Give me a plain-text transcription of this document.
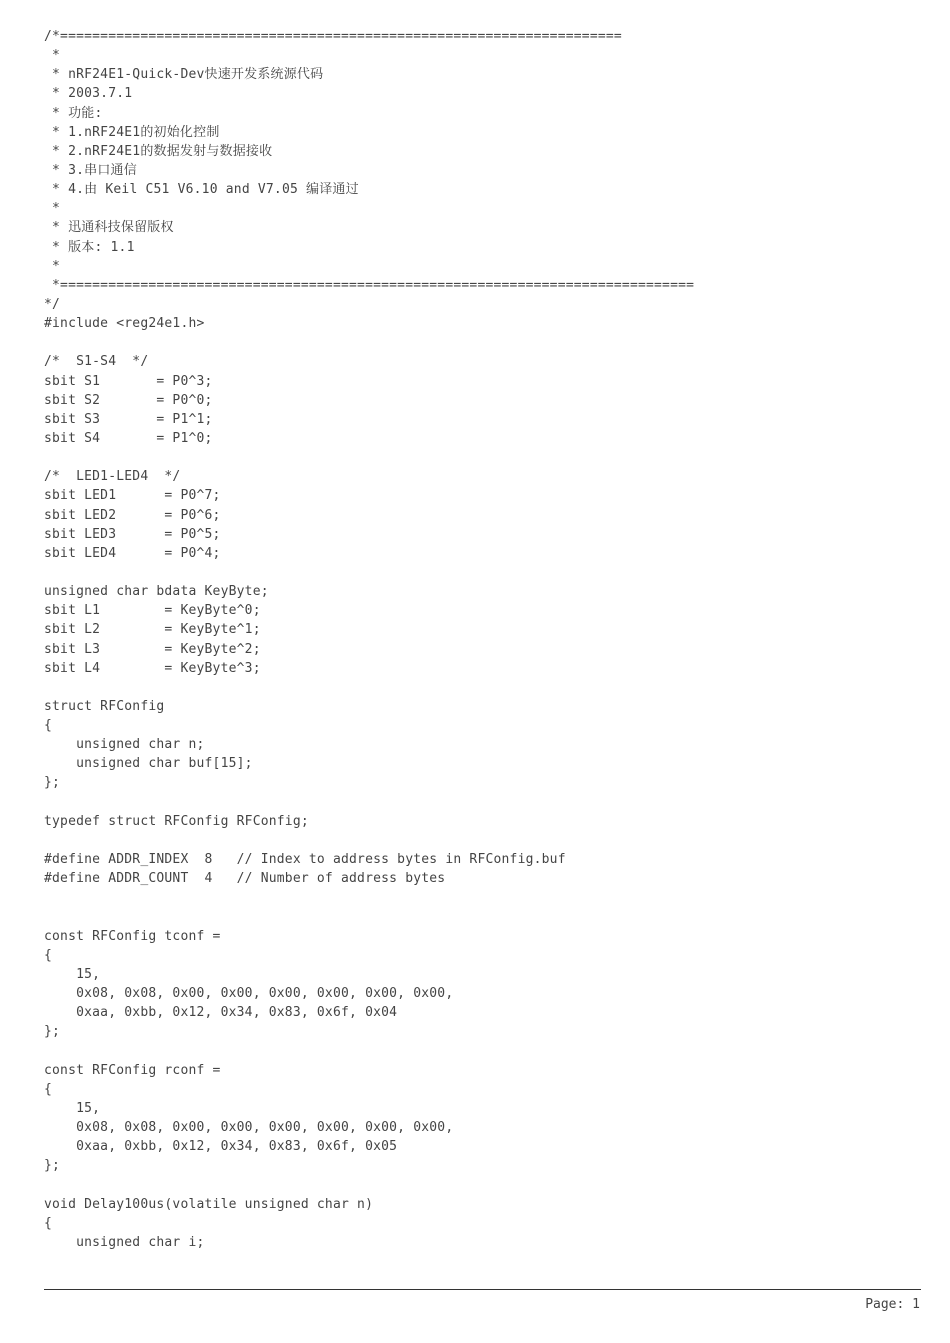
/*======================================================================
*
* nRF24E1-Quick-Dev快速开发系统源代码
* 2003.7.1
* 功能:
* 1.nRF24E1的初始化控制
* 2.nRF24E1的数据发射与数据接收
* 3.串口通信
* 4.由 Keil C51 V6.10 and V7.05 编译通过
*
* 迅通科技保留版权
* 版本: 1.1
*
*===============================================================================
*/
#include <reg24e1.h>

/*  S1-S4  */
sbit S1       = P0^3;
sbit S2       = P0^0;
sbit S3       = P1^1;
sbit S4       = P1^0;

/*  LED1-LED4  */
sbit LED1      = P0^7;
sbit LED2      = P0^6;
sbit LED3      = P0^5;
sbit LED4      = P0^4;

unsigned char bdata KeyByte;
sbit L1        = KeyByte^0;
sbit L2        = KeyByte^1;
sbit L3        = KeyByte^2;
sbit L4        = KeyByte^3;

struct RFConfig
{
unsigned char n;
unsigned char buf[15];
};

typedef struct RFConfig RFConfig;

#define ADDR_INDEX  8   // Index to address bytes in RFConfig.buf
#define ADDR_COUNT  4   // Number of address bytes

const RFConfig tconf =
{
15,
0x08, 0x08, 0x00, 0x00, 0x00, 0x00, 0x00, 0x00,
0xaa, 0xbb, 0x12, 0x34, 0x83, 0x6f, 0x04
};

const RFConfig rconf =
{
15,
0x08, 0x08, 0x00, 0x00, 0x00, 0x00, 0x00, 0x00,
0xaa, 0xbb, 0x12, 0x34, 0x83, 0x6f, 0x05
};

void Delay100us(volatile unsigned char n)
{
unsigned char i;
Page: 1
